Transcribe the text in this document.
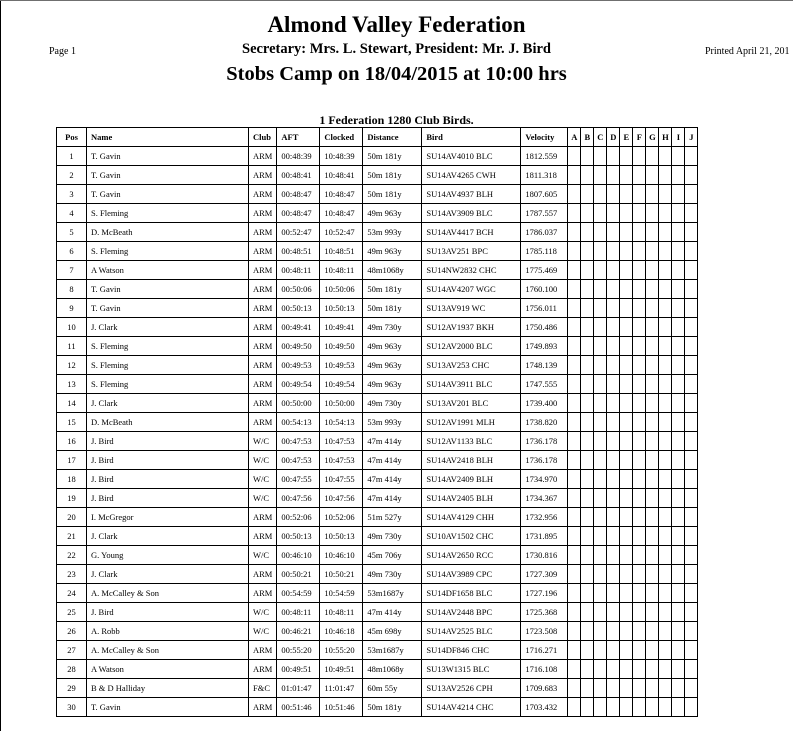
Almond Valley Federation
Secretary: Mrs. L. Stewart, President: Mr. J. Bird
Stobs Camp on 18/04/2015 at 10:00 hrs
Page 1	Printed April 21, 201
1 Federation 1280 Club Birds.
Pos	Name	Club	AFT	Clocked	Distance	Bird	Velocity	A	B	C	D	E	F	G	H	I	J
1	T. Gavin	ARM	00:48:39	10:48:39	50m 181y	SU14AV4010 BLC	1812.559										
2	T. Gavin	ARM	00:48:41	10:48:41	50m 181y	SU14AV4265 CWH	1811.318										
3	T. Gavin	ARM	00:48:47	10:48:47	50m 181y	SU14AV4937 BLH	1807.605										
4	S. Fleming	ARM	00:48:47	10:48:47	49m 963y	SU14AV3909 BLC	1787.557										
5	D. McBeath	ARM	00:52:47	10:52:47	53m 993y	SU14AV4417 BCH	1786.037										
6	S. Fleming	ARM	00:48:51	10:48:51	49m 963y	SU13AV251 BPC	1785.118										
7	A Watson	ARM	00:48:11	10:48:11	48m1068y	SU14NW2832 CHC	1775.469										
8	T. Gavin	ARM	00:50:06	10:50:06	50m 181y	SU14AV4207 WGC	1760.100										
9	T. Gavin	ARM	00:50:13	10:50:13	50m 181y	SU13AV919 WC	1756.011										
10	J. Clark	ARM	00:49:41	10:49:41	49m 730y	SU12AV1937 BKH	1750.486										
11	S. Fleming	ARM	00:49:50	10:49:50	49m 963y	SU12AV2000 BLC	1749.893										
12	S. Fleming	ARM	00:49:53	10:49:53	49m 963y	SU13AV253 CHC	1748.139										
13	S. Fleming	ARM	00:49:54	10:49:54	49m 963y	SU14AV3911 BLC	1747.555										
14	J. Clark	ARM	00:50:00	10:50:00	49m 730y	SU13AV201 BLC	1739.400										
15	D. McBeath	ARM	00:54:13	10:54:13	53m 993y	SU12AV1991 MLH	1738.820										
16	J. Bird	W/C	00:47:53	10:47:53	47m 414y	SU12AV1133 BLC	1736.178										
17	J. Bird	W/C	00:47:53	10:47:53	47m 414y	SU14AV2418 BLH	1736.178										
18	J. Bird	W/C	00:47:55	10:47:55	47m 414y	SU14AV2409 BLH	1734.970										
19	J. Bird	W/C	00:47:56	10:47:56	47m 414y	SU14AV2405 BLH	1734.367										
20	I. McGregor	ARM	00:52:06	10:52:06	51m 527y	SU14AV4129 CHH	1732.956										
21	J. Clark	ARM	00:50:13	10:50:13	49m 730y	SU10AV1502 CHC	1731.895										
22	G. Young	W/C	00:46:10	10:46:10	45m 706y	SU14AV2650 RCC	1730.816										
23	J. Clark	ARM	00:50:21	10:50:21	49m 730y	SU14AV3989 CPC	1727.309										
24	A. McCalley & Son	ARM	00:54:59	10:54:59	53m1687y	SU14DF1658 BLC	1727.196										
25	J. Bird	W/C	00:48:11	10:48:11	47m 414y	SU14AV2448 BPC	1725.368										
26	A. Robb	W/C	00:46:21	10:46:18	45m 698y	SU14AV2525 BLC	1723.508										
27	A. McCalley & Son	ARM	00:55:20	10:55:20	53m1687y	SU14DF846 CHC	1716.271										
28	A Watson	ARM	00:49:51	10:49:51	48m1068y	SU13W1315 BLC	1716.108										
29	B & D Halliday	F&C	01:01:47	11:01:47	60m 55y	SU13AV2526 CPH	1709.683										
30	T. Gavin	ARM	00:51:46	10:51:46	50m 181y	SU14AV4214 CHC	1703.432										
